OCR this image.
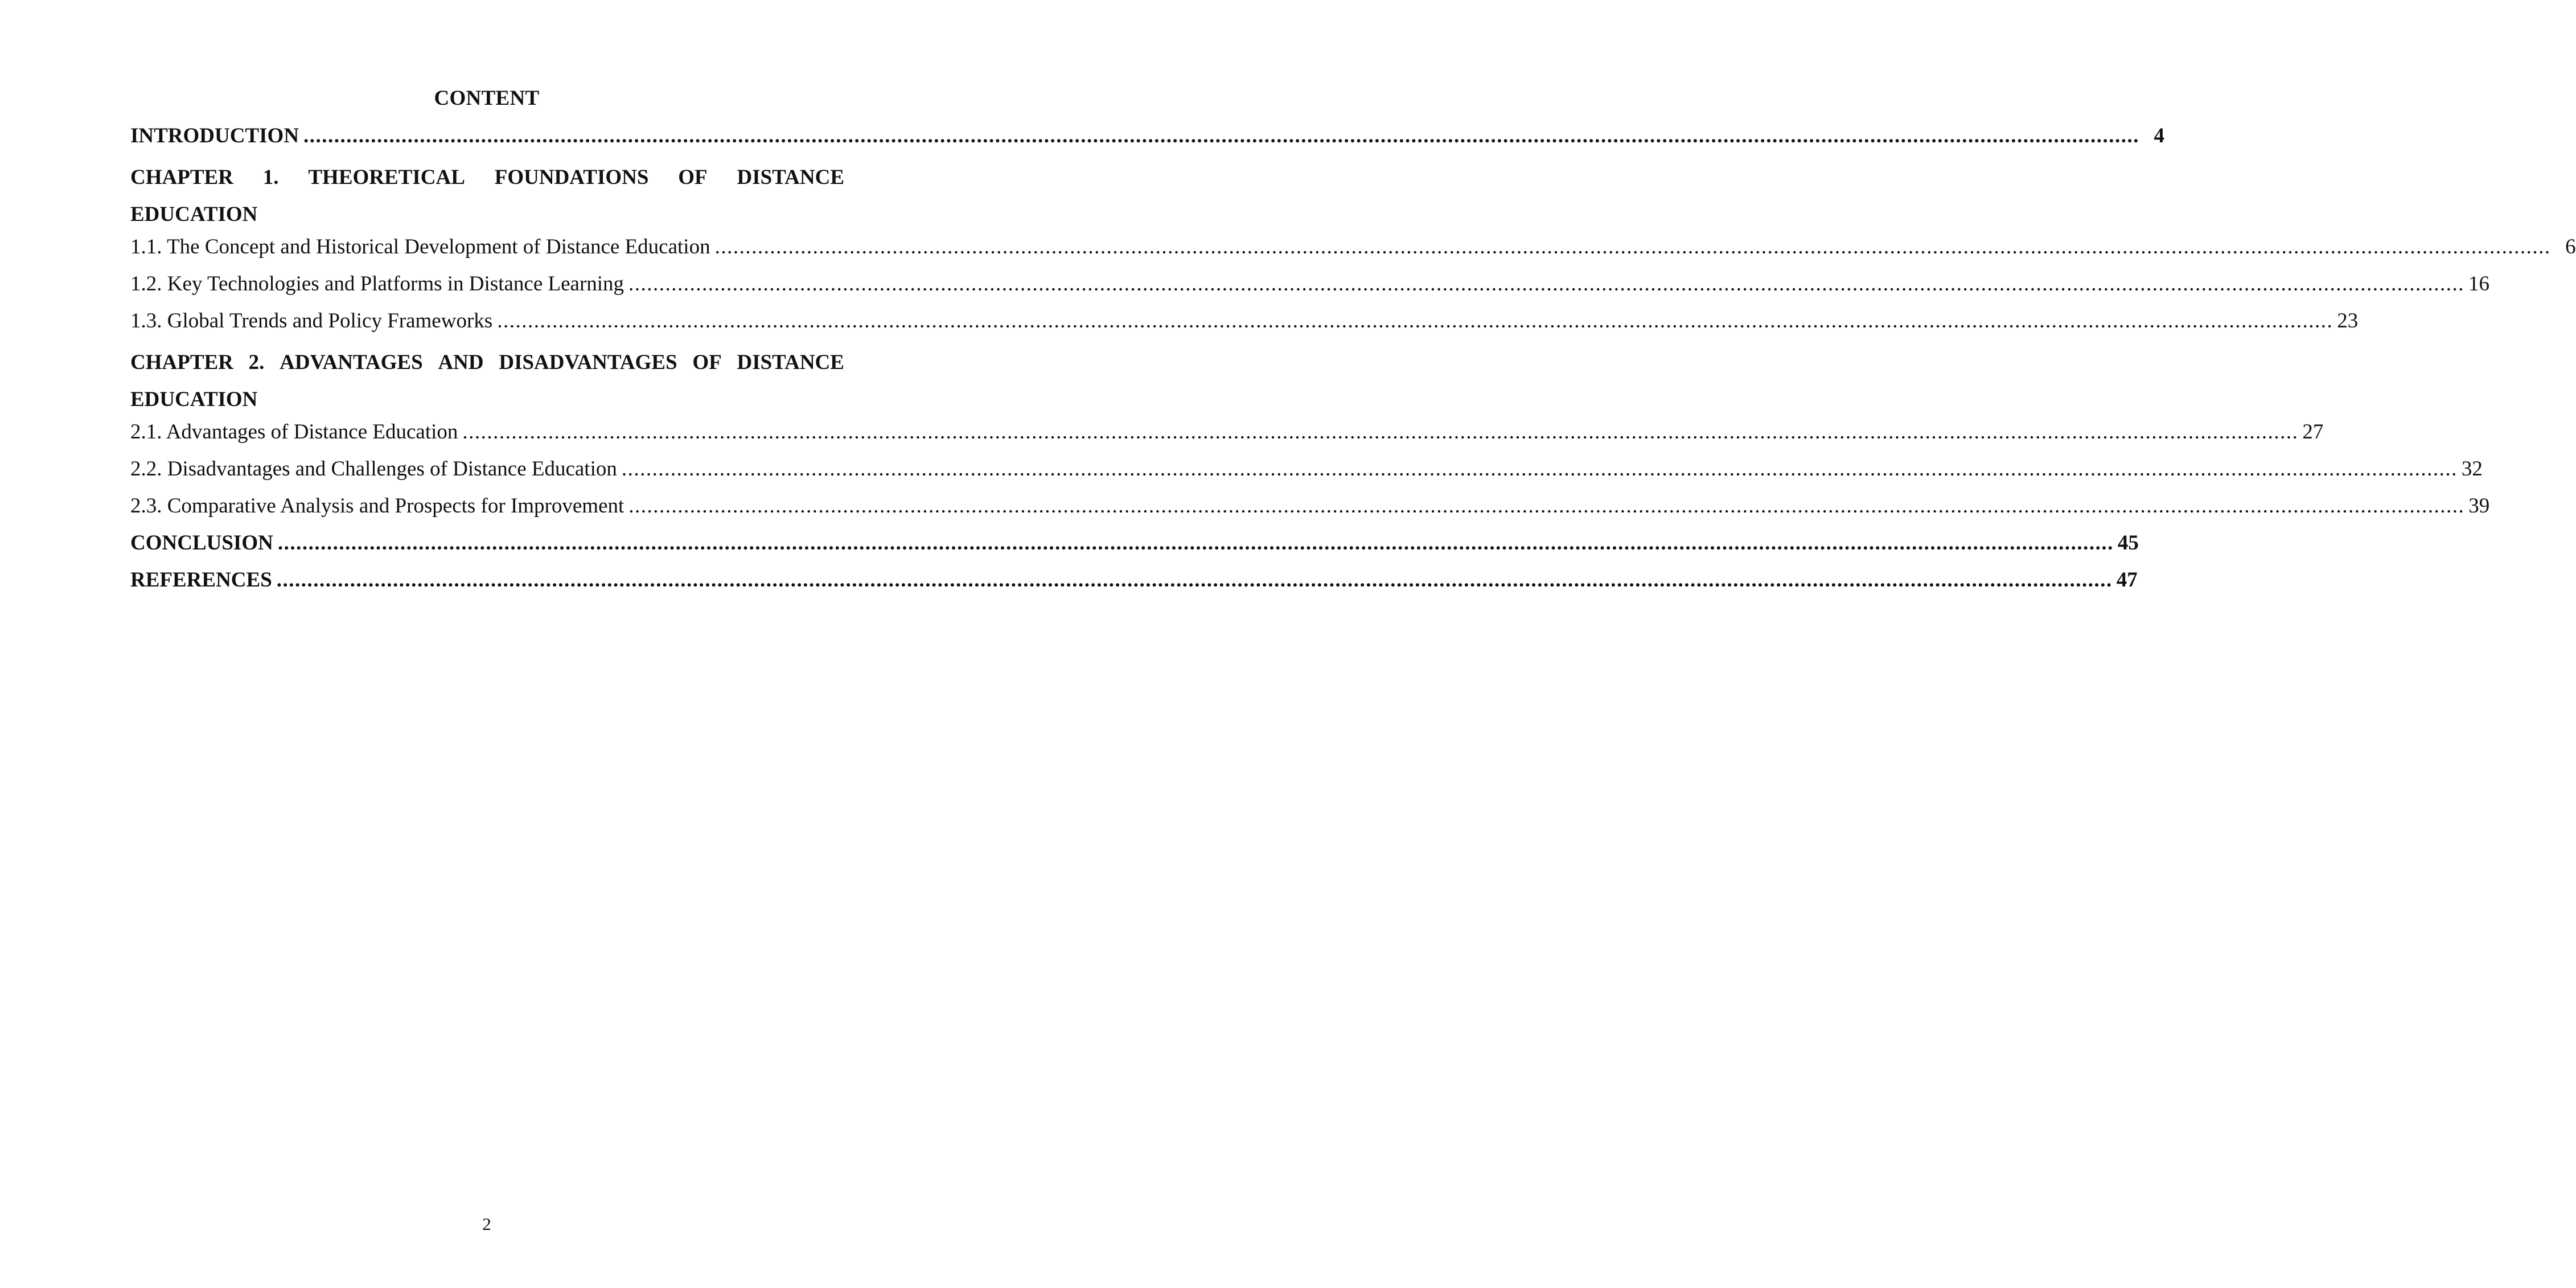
CONTENT
INTRODUCTION ............................................................................................................................................................................................................................................................................................................ 4
CHAPTER 1. THEORETICAL FOUNDATIONS OF DISTANCE
EDUCATION
1.1. The Concept and Historical Development of Distance Education ............................................................................................................................................................................................................................................................................................................ 6
1.2. Key Technologies and Platforms in Distance Learning ............................................................................................................................................................................................................................................................................................................ 16
1.3. Global Trends and Policy Frameworks ............................................................................................................................................................................................................................................................................................................ 23
CHAPTER 2. ADVANTAGES AND DISADVANTAGES OF DISTANCE
EDUCATION
2.1. Advantages of Distance Education ............................................................................................................................................................................................................................................................................................................ 27
2.2. Disadvantages and Challenges of Distance Education ............................................................................................................................................................................................................................................................................................................ 32
2.3. Comparative Analysis and Prospects for Improvement ............................................................................................................................................................................................................................................................................................................ 39
CONCLUSION ............................................................................................................................................................................................................................................................................................................ 45
REFERENCES ............................................................................................................................................................................................................................................................................................................ 47
2
